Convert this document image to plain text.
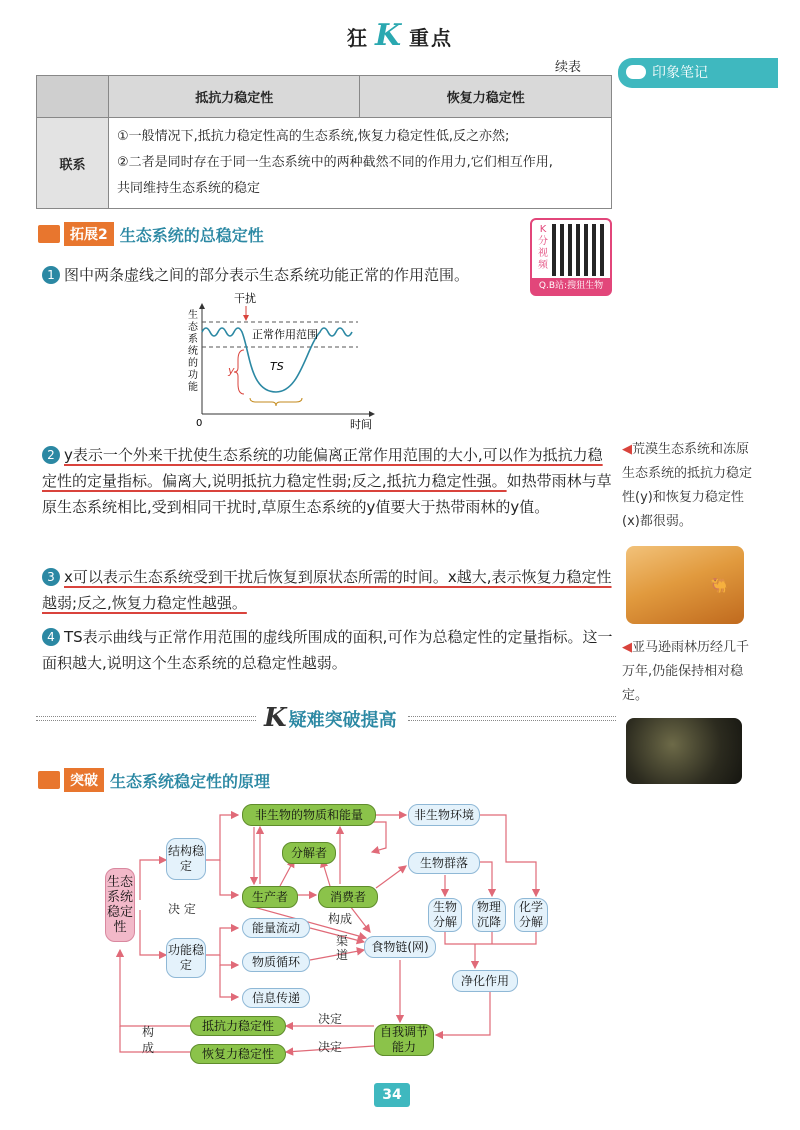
狂 K 重点
续表	印象笔记
	抵抗力稳定性	恢复力稳定性
联系	①一般情况下,抵抗力稳定性高的生态系统,恢复力稳定性低,反之亦然;
②二者是同时存在于同一生态系统中的两种截然不同的作用力,它们相互作用,
共同维持生态系统的稳定	
拓展2 生态系统的总稳定性	K分视频
Q.B站:搜狙生物
1 图中两条虚线之间的部分表示生态系统功能正常的作用范围。
干扰
正常作用范围
TS
y
0	时间
生
态
系
统
的
功
能
2 y表示一个外来干扰使生态系统的功能偏离正常作用范围的大小,可以作为抵抗力稳定性的定量指标。偏离大,说明抵抗力稳定性弱;反之,抵抗力稳定性强。如热带雨林与草原生态系统相比,受到相同干扰时,草原生态系统的y值要大于热带雨林的y值。
3 x可以表示生态系统受到干扰后恢复到原状态所需的时间。x越大,表示恢复力稳定性越弱;反之,恢复力稳定性越强。
4 TS表示曲线与正常作用范围的虚线所围成的面积,可作为总稳定性的定量指标。这一面积越大,说明这个生态系统的总稳定性越弱。
◀荒漠生态系统和冻原生态系统的抵抗力稳定性(y)和恢复力稳定性(x)都很弱。
🐫
◀亚马逊雨林历经几千万年,仍能保持相对稳定。
K 疑难突破提高
突破 生态系统稳定性的原理
生态系统稳定性
结构稳定
功能稳定
决 定
非生物的物质和能量
分解者
生产者	消费者
构成
能量流动
物质循环
信息传递
渠道
食物链(网)
非生物环境
生物群落
生物分解
物理沉降
化学分解
净化作用
自我调节能力
抵抗力稳定性
恢复力稳定性
决定
决定
构成
34
